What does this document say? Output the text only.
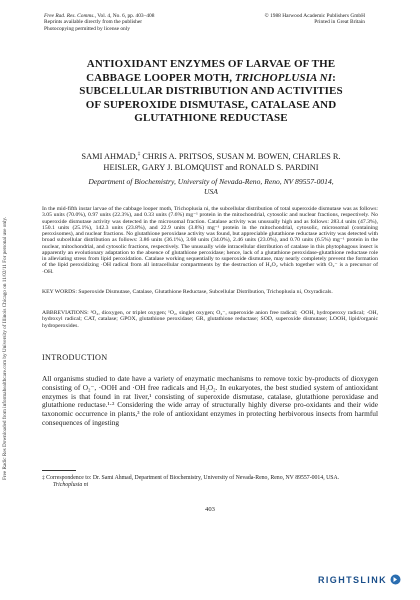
Free Radic Res Downloaded from informahealthcare.com by University of Illinois Chicago on 11/02/11 For personal use only.
Free Rad. Res. Comms., Vol. 4, No. 6, pp. 403–408
Reprints available directly from the publisher
Photocopying permitted by license only
© 1988 Harwood Academic Publishers GmbH
Printed in Great Britain
ANTIOXIDANT ENZYMES OF LARVAE OF THE
CABBAGE LOOPER MOTH, TRICHOPLUSIA NI:
SUBCELLULAR DISTRIBUTION AND ACTIVITIES
OF SUPEROXIDE DISMUTASE, CATALASE AND
GLUTATHIONE REDUCTASE
SAMI AHMAD,‡ CHRIS A. PRITSOS, SUSAN M. BOWEN, CHARLES R.
HEISLER, GARY J. BLOMQUIST and RONALD S. PARDINI
Department of Biochemistry, University of Nevada-Reno, Reno, NV 89557-0014,
USA
In the mid-fifth instar larvae of the cabbage looper moth, Trichoplusia ni, the subcellular distribution of total superoxide dismutase was as follows: 3.05 units (70.0%), 0.97 units (22.3%), and 0.33 units (7.6%) mg⁻¹ protein in the mitochondrial, cytosolic and nuclear fractions, respectively. No superoxide dismutase activity was detected in the microsomal fraction. Catalase activity was unusually high and as follows: 283.4 units (47.3%), 150.1 units (25.1%), 142.3 units (23.8%), and 22.9 units (3.8%) mg⁻¹ protein in the mitochondrial, cytosolic, microsomal (containing peroxisomes), and nuclear fractions. No glutathione peroxidase activity was found, but appreciable glutathione reductase activity was detected with broad subcellular distribution as follows: 3.86 units (36.1%), 3.68 units (34.0%), 2.46 units (23.0%), and 0.70 units (6.5%) mg⁻¹ protein in the nuclear, mitochondrial, and cytosolic fractions, respectively. The unusually wide intracellular distribution of catalase in this phytophagous insect is apparently an evolutionary adaptation to the absence of glutathione peroxidase; hence, lack of a glutathione peroxidase-glutathione reductase role in alleviating stress from lipid peroxidation. Catalase working sequentially to superoxide dismutase, may nearly completely prevent the formation of the lipid peroxidizing ·OH radical from all intracellular compartments by the destruction of H₂O₂ which together with O₂⁻ is a precursor of ·OH.
KEY WORDS: Superoxide Dismutase, Catalase, Glutathione Reductase, Subcellular Distribution, Trichoplusia ni, Oxyradicals.
ABBREVIATIONS: ³O₂, dioxygen, or triplet oxygen; ¹O₂, singlet oxygen; O₂⁻, superoxide anion free radical; ·OOH, hydroperoxy radical; ·OH, hydroxyl radical; CAT, catalase; GPOX, glutathione peroxidase; GR, glutathione reductase; SOD, superoxide dismutase; LOOH, lipid/organic hydroperoxides.
INTRODUCTION
All organisms studied to date have a variety of enzymatic mechanisms to remove toxic by-products of dioxygen consisting of O₂⁻, ·OOH and ·OH free radicals and H₂O₂. In eukaryotes, the best studied system of antioxidant enzymes is that found in rat liver,¹ consisting of superoxide dismutase, catalase, glutathione peroxidase and glutathione reductase.¹·² Considering the wide array of structurally highly diverse pro-oxidants and their wide taxonomic occurrence in plants,³ the role of antioxidant enzymes in protecting herbivorous insects from harmful consequences of ingesting
‡ Correspondence to: Dr. Sami Ahmad, Department of Biochemistry, University of Nevada-Reno, Reno, NV 89557-0014, USA.
Trichoplusia ni
403
RIGHTSLINK
